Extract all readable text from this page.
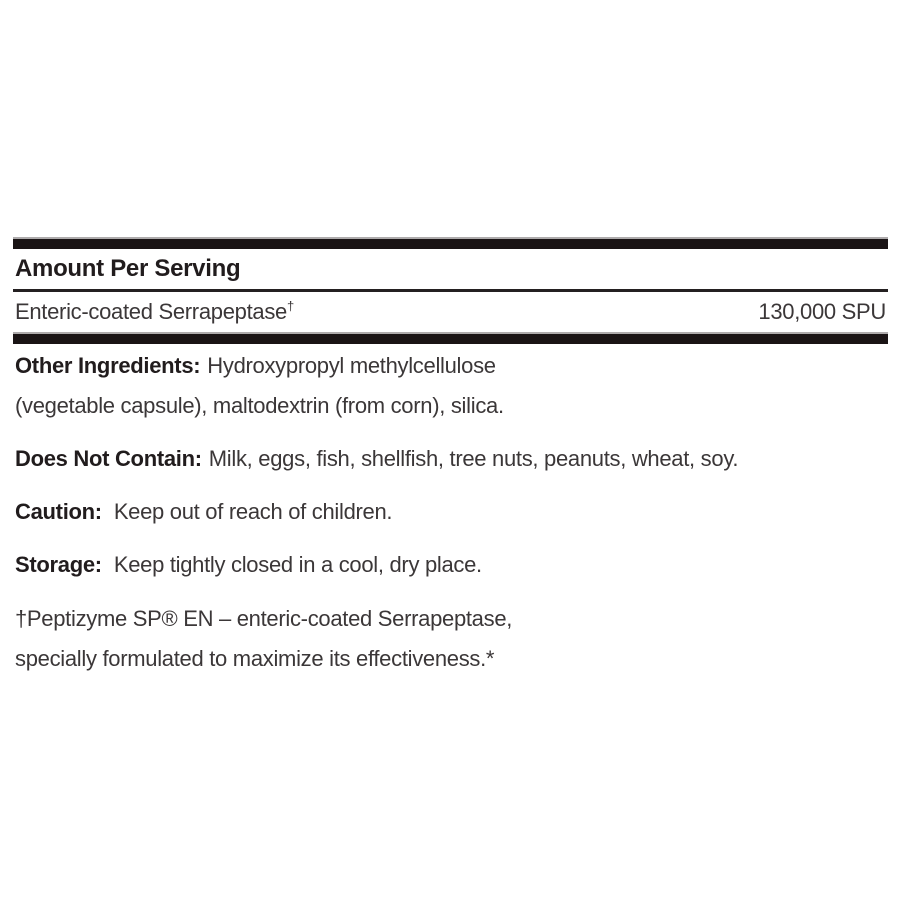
Amount Per Serving
Enteric-coated Serrapeptase†	130,000 SPU

Other Ingredients: Hydroxypropyl methylcellulose
(vegetable capsule), maltodextrin (from corn), silica.

Does Not Contain: Milk, eggs, fish, shellfish, tree nuts, peanuts, wheat, soy.

Caution: Keep out of reach of children.

Storage: Keep tightly closed in a cool, dry place.

†Peptizyme SP® EN – enteric-coated Serrapeptase,
specially formulated to maximize its effectiveness.*
